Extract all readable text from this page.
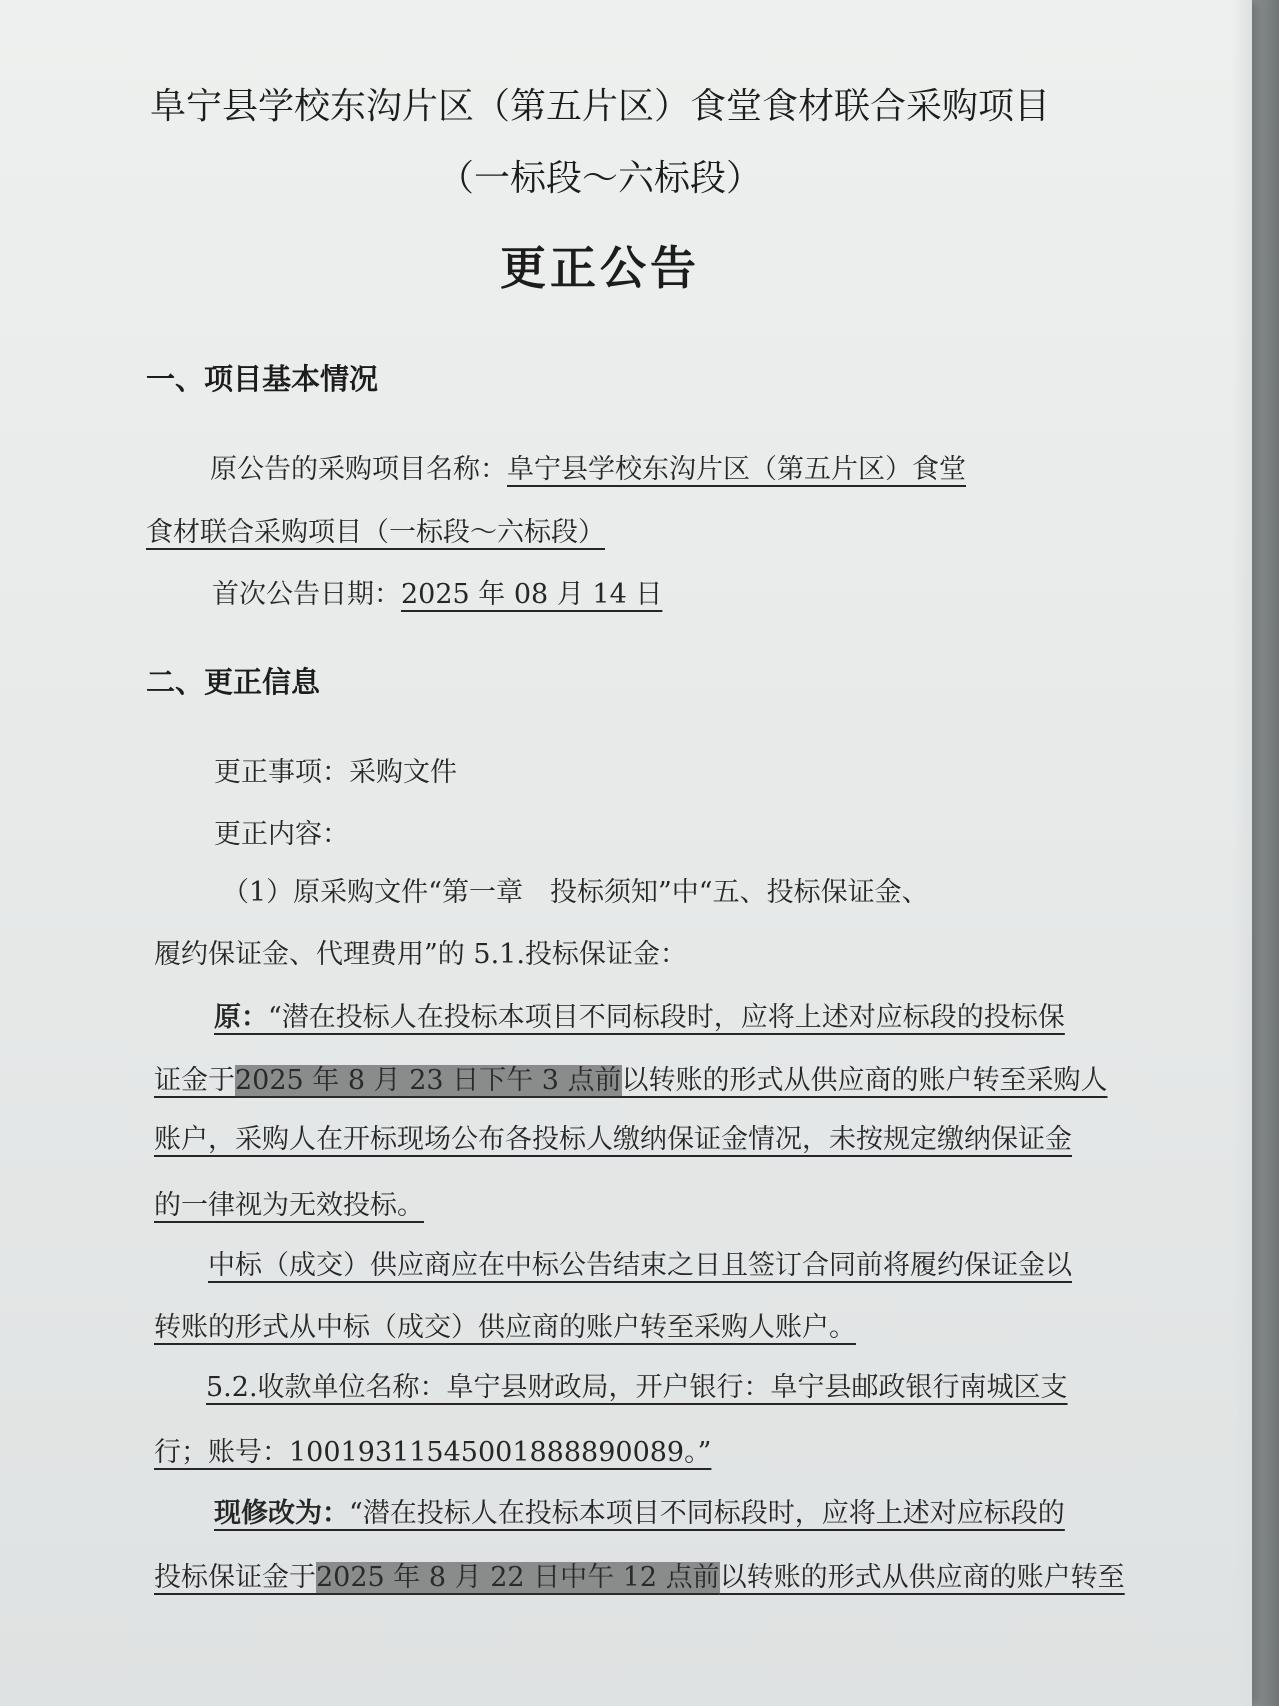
阜宁县学校东沟片区（第五片区）食堂食材联合采购项目
（一标段～六标段）
更正公告
一、项目基本情况

原公告的采购项目名称：阜宁县学校东沟片区（第五片区）食堂

食材联合采购项目（一标段～六标段）

首次公告日期：2025 年 08 月 14 日

二、更正信息

更正事项：采购文件

更正内容：

（1）原采购文件“第一章　投标须知”中“五、投标保证金、

履约保证金、代理费用”的 5.1.投标保证金：

原：“潜在投标人在投标本项目不同标段时，应将上述对应标段的投标保

证金于2025 年 8 月 23 日下午 3 点前以转账的形式从供应商的账户转至采购人

账户，采购人在开标现场公布各投标人缴纳保证金情况，未按规定缴纳保证金

的一律视为无效投标。

中标（成交）供应商应在中标公告结束之日且签订合同前将履约保证金以

转账的形式从中标（成交）供应商的账户转至采购人账户。

5.2.收款单位名称：阜宁县财政局，开户银行：阜宁县邮政银行南城区支

行；账号：100193115450018888900​89。”

现修改为：“潜在投标人在投标本项目不同标段时，应将上述对应标段的

投标保证金于2025 年 8 月 22 日中午 12 点前以转账的形式从供应商的账户转至
